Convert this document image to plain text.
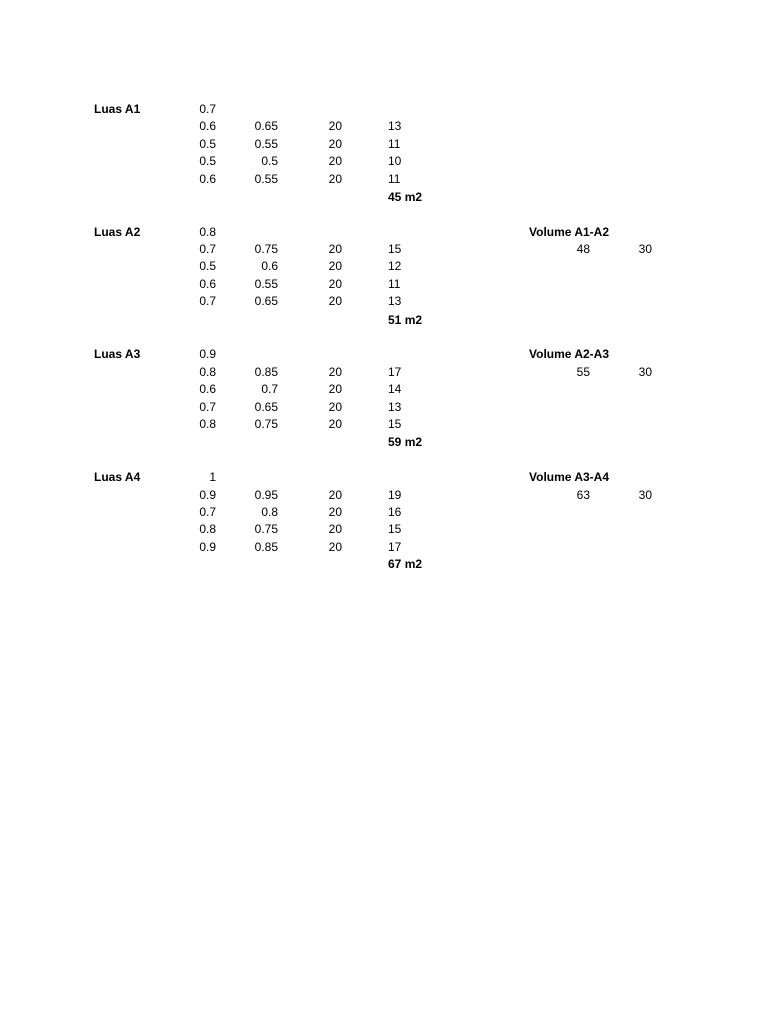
Luas A1	0.7
0.6	0.65	20	13
0.5	0.55	20	11
0.5	0.5	20	10
0.6	0.55	20	11
45 m2
Luas A2	0.8
0.7	0.75	20	15
0.5	0.6	20	12
0.6	0.55	20	11
0.7	0.65	20	13
51 m2
Volume A1-A2
48	30
Luas A3	0.9
0.8	0.85	20	17
0.6	0.7	20	14
0.7	0.65	20	13
0.8	0.75	20	15
59 m2
Volume A2-A3
55	30
Luas A4	1
0.9	0.95	20	19
0.7	0.8	20	16
0.8	0.75	20	15
0.9	0.85	20	17
67 m2
Volume A3-A4
63	30
